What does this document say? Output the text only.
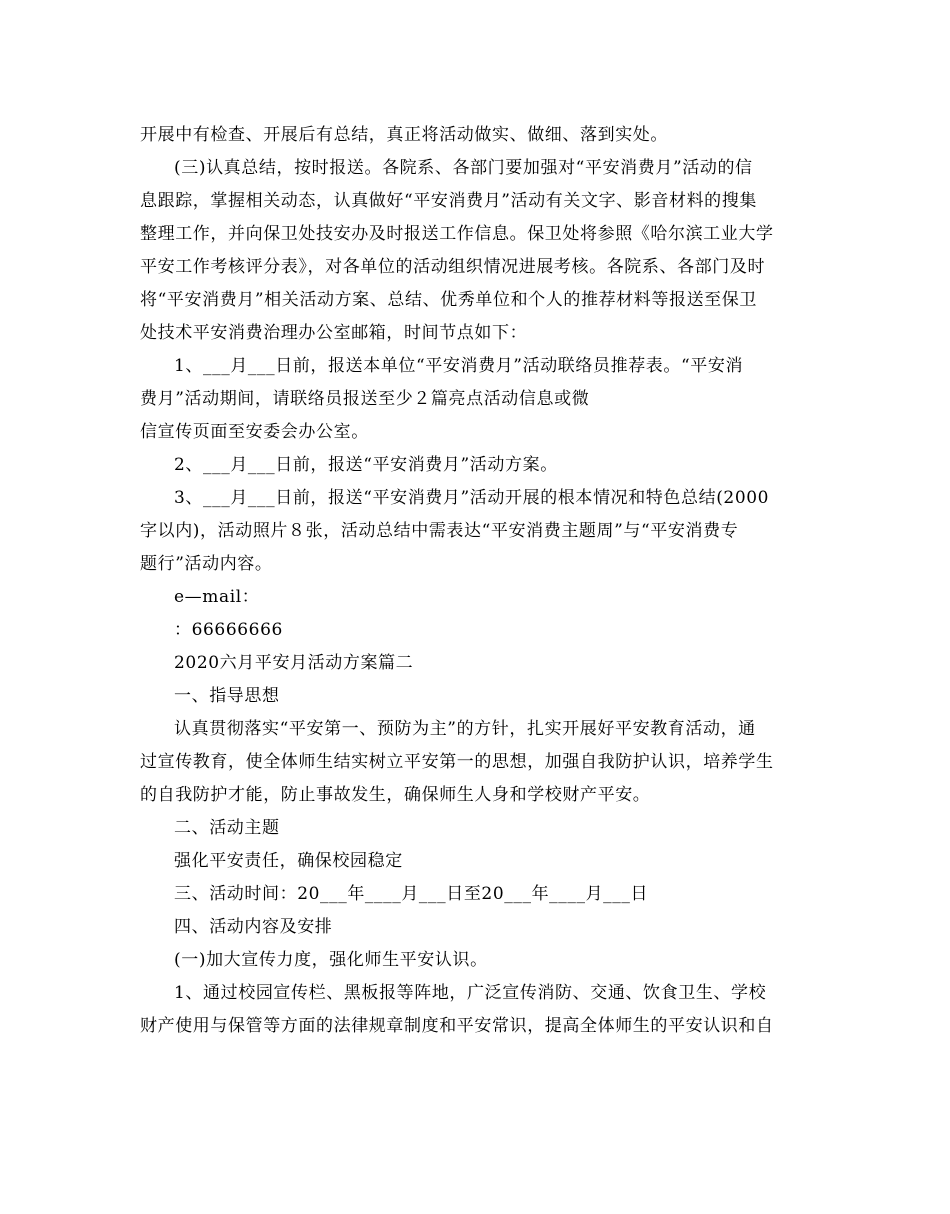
开展中有检查、开展后有总结，真正将活动做实、做细、落到实处。
(三)认真总结，按时报送。各院系、各部门要加强对“平安消费月”活动的信
息跟踪，掌握相关动态，认真做好“平安消费月”活动有关文字、影音材料的搜集
整理工作，并向保卫处技安办及时报送工作信息。保卫处将参照《哈尔滨工业大学
平安工作考核评分表》，对各单位的活动组织情况进展考核。各院系、各部门及时
将“平安消费月”相关活动方案、总结、优秀单位和个人的推荐材料等报送至保卫
处技术平安消费治理办公室邮箱，时间节点如下：
1、___月___日前，报送本单位“平安消费月”活动联络员推荐表。“平安消
费月”活动期间，请联络员报送至少２篇亮点活动信息或微
信宣传页面至安委会办公室。
2、___月___日前，报送“平安消费月”活动方案。
3、___月___日前，报送“平安消费月”活动开展的根本情况和特色总结(2000
字以内)，活动照片８张，活动总结中需表达“平安消费主题周”与“平安消费专
题行”活动内容。
e—mail：
：66666666
2020六月平安月活动方案篇二
一、指导思想
认真贯彻落实“平安第一、预防为主”的方针，扎实开展好平安教育活动，通
过宣传教育，使全体师生结实树立平安第一的思想，加强自我防护认识，培养学生
的自我防护才能，防止事故发生，确保师生人身和学校财产平安。
二、活动主题
强化平安责任，确保校园稳定
三、活动时间：20___年____月___日至20___年____月___日
四、活动内容及安排
(一)加大宣传力度，强化师生平安认识。
1、通过校园宣传栏、黑板报等阵地，广泛宣传消防、交通、饮食卫生、学校
财产使用与保管等方面的法律规章制度和平安常识，提高全体师生的平安认识和自
